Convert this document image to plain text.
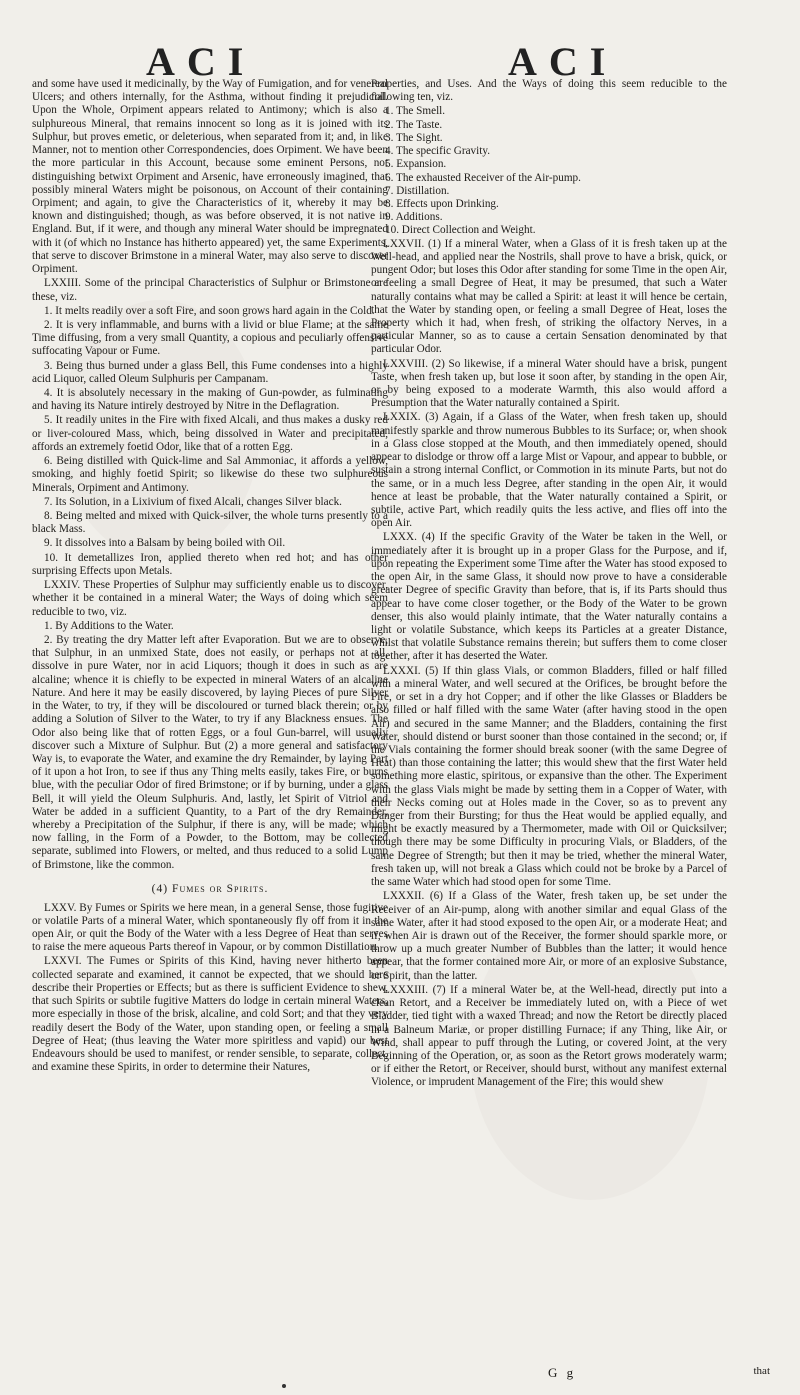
ACI	ACI

and some have used it medicinally, by the Way of Fumigation, and for venereal Ulcers; and others internally, for the Asthma, without finding it prejudicial. Upon the Whole, Orpiment appears related to Antimony; which is also a sulphureous Mineral, that remains innocent so long as it is joined with its Sulphur, but proves emetic, or deleterious, when separated from it; and, in like Manner, not to mention other Correspondencies, does Orpiment. We have been the more particular in this Account, because some eminent Persons, not distinguishing betwixt Orpiment and Arsenic, have erroneously imagined, that possibly mineral Waters might be poisonous, on Account of their containing Orpiment; and again, to give the Characteristics of it, whereby it may be known and distinguished; though, as was before observed, it is not native in England. But, if it were, and though any mineral Water should be impregnated with it (of which no Instance has hitherto appeared) yet, the same Experiments, that serve to discover Brimstone in a mineral Water, may also serve to discover Orpiment.

LXXIII. Some of the principal Characteristics of Sulphur or Brimstone are these, viz.

1. It melts readily over a soft Fire, and soon grows hard again in the Cold.

2. It is very inflammable, and burns with a livid or blue Flame; at the same Time diffusing, from a very small Quantity, a copious and peculiarly offensive suffocating Vapour or Fume.

3. Being thus burned under a glass Bell, this Fume condenses into a highly acid Liquor, called Oleum Sulphuris per Campanam.

4. It is absolutely necessary in the making of Gun-powder, as fulminating and having its Nature intirely destroyed by Nitre in the Deflagration.

5. It readily unites in the Fire with fixed Alcali, and thus makes a dusky red or liver-coloured Mass, which, being dissolved in Water and precipitated, affords an extremely foetid Odor, like that of a rotten Egg.

6. Being distilled with Quick-lime and Sal Ammoniac, it affords a yellow, smoking, and highly foetid Spirit; so likewise do these two sulphureous Minerals, Orpiment and Antimony.

7. Its Solution, in a Lixivium of fixed Alcali, changes Silver black.

8. Being melted and mixed with Quick-silver, the whole turns presently to a black Mass.

9. It dissolves into a Balsam by being boiled with Oil.

10. It demetallizes Iron, applied thereto when red hot; and has other surprising Effects upon Metals.

LXXIV. These Properties of Sulphur may sufficiently enable us to discover, whether it be contained in a mineral Water; the Ways of doing which seem reducible to two, viz.

1. By Additions to the Water.

2. By treating the dry Matter left after Evaporation. But we are to observe, that Sulphur, in an unmixed State, does not easily, or perhaps not at all, dissolve in pure Water, nor in acid Liquors; though it does in such as are alcaline; whence it is chiefly to be expected in mineral Waters of an alcaline Nature. And here it may be easily discovered, by laying Pieces of pure Silver in the Water, to try, if they will be discoloured or turned black therein; or by adding a Solution of Silver to the Water, to try if any Blackness ensues. The Odor also being like that of rotten Eggs, or a foul Gun-barrel, will usually discover such a Mixture of Sulphur. But (2) a more general and satisfactory Way is, to evaporate the Water, and examine the dry Remainder, by laying Part of it upon a hot Iron, to see if thus any Thing melts easily, takes Fire, or burns blue, with the peculiar Odor of fired Brimstone; or if by burning, under a glass Bell, it will yield the Oleum Sulphuris. And, lastly, let Spirit of Vitriol and Water be added in a sufficient Quantity, to a Part of the dry Remainder, whereby a Precipitation of the Sulphur, if there is any, will be made; which now falling, in the Form of a Powder, to the Bottom, may be collected separate, sublimed into Flowers, or melted, and thus reduced to a solid Lump of Brimstone, like the common.

(4) Fumes or Spirits.

LXXV. By Fumes or Spirits we here mean, in a general Sense, those fugitive or volatile Parts of a mineral Water, which spontaneously fly off from it in the open Air, or quit the Body of the Water with a less Degree of Heat than serves to raise the mere aqueous Parts thereof in Vapour, or by common Distillation.

LXXVI. The Fumes or Spirits of this Kind, having never hitherto been collected separate and examined, it cannot be expected, that we should here describe their Properties or Effects; but as there is sufficient Evidence to shew, that such Spirits or subtile fugitive Matters do lodge in certain mineral Waters, more especially in those of the brisk, alcaline, and cold Sort; and that they very readily desert the Body of the Water, upon standing open, or feeling a small Degree of Heat; (thus leaving the Water more spiritless and vapid) our best Endeavours should be used to manifest, or render sensible, to separate, collect, and examine these Spirits, in order to determine their Natures,

Properties, and Uses. And the Ways of doing this seem reducible to the following ten, viz.

1. The Smell.

2. The Taste.

3. The Sight.

4. The specific Gravity.

5. Expansion.

6. The exhausted Receiver of the Air-pump.

7. Distillation.

8. Effects upon Drinking.

9. Additions.

10. Direct Collection and Weight.

LXXVII. (1) If a mineral Water, when a Glass of it is fresh taken up at the Well-head, and applied near the Nostrils, shall prove to have a brisk, quick, or pungent Odor; but loses this Odor after standing for some Time in the open Air, or feeling a small Degree of Heat, it may be presumed, that such a Water naturally contains what may be called a Spirit: at least it will hence be certain, that the Water by standing open, or feeling a small Degree of Heat, loses the Property which it had, when fresh, of striking the olfactory Nerves, in a particular Manner, so as to cause a certain Sensation denominated by that particular Odor.

LXXVIII. (2) So likewise, if a mineral Water should have a brisk, pungent Taste, when fresh taken up, but lose it soon after, by standing in the open Air, or by being exposed to a moderate Warmth, this also would afford a Presumption that the Water naturally contained a Spirit.

LXXIX. (3) Again, if a Glass of the Water, when fresh taken up, should manifestly sparkle and throw numerous Bubbles to its Surface; or, when shook in a Glass close stopped at the Mouth, and then immediately opened, should appear to dislodge or throw off a large Mist or Vapour, and appear to bubble, or sustain a strong internal Conflict, or Commotion in its minute Parts, but not do the same, or in a much less Degree, after standing in the open Air, it would hence at least be probable, that the Water naturally contained a Spirit, or subtile, active Part, which readily quits the less active, and flies off into the open Air.

LXXX. (4) If the specific Gravity of the Water be taken in the Well, or immediately after it is brought up in a proper Glass for the Purpose, and if, upon repeating the Experiment some Time after the Water has stood exposed to the open Air, in the same Glass, it should now prove to have a considerable greater Degree of specific Gravity than before, that is, if its Parts should thus appear to have come closer together, or the Body of the Water to be grown denser, this also would plainly intimate, that the Water naturally contains a light or volatile Substance, which keeps its Particles at a greater Distance, whilst that volatile Substance remains therein; but suffers them to come closer together, after it has deserted the Water.

LXXXI. (5) If thin glass Vials, or common Bladders, filled or half filled with a mineral Water, and well secured at the Orifices, be brought before the Fire, or set in a dry hot Copper; and if other the like Glasses or Bladders be also filled or half filled with the same Water (after having stood in the open Air) and secured in the same Manner; and the Bladders, containing the first Water, should distend or burst sooner than those contained in the second; or, if the Vials containing the former should break sooner (with the same Degree of Heat) than those containing the latter; this would shew that the first Water held something more elastic, spiritous, or expansive than the other. The Experiment with the glass Vials might be made by setting them in a Copper of Water, with their Necks coming out at Holes made in the Cover, so as to prevent any Danger from their Bursting; for thus the Heat would be applied equally, and might be exactly measured by a Thermometer, made with Oil or Quicksilver; though there may be some Difficulty in procuring Vials, or Bladders, of the same Degree of Strength; but then it may be tried, whether the mineral Water, fresh taken up, will not break a Glass which could not be broke by a Parcel of the same Water which had stood open for some Time.

LXXXII. (6) If a Glass of the Water, fresh taken up, be set under the Receiver of an Air-pump, along with another similar and equal Glass of the same Water, after it had stood exposed to the open Air, or a moderate Heat; and if, when Air is drawn out of the Receiver, the former should sparkle more, or throw up a much greater Number of Bubbles than the latter; it would hence appear, that the former contained more Air, or more of an explosive Substance, or Spirit, than the latter.

LXXXIII. (7) If a mineral Water be, at the Well-head, directly put into a clean Retort, and a Receiver be immediately luted on, with a Piece of wet Bladder, tied tight with a waxed Thread; and now the Retort be directly placed in a Balneum Mariæ, or proper distilling Furnace; if any Thing, like Air, or Wind, shall appear to puff through the Luting, or covered Joint, at the very Beginning of the Operation, or, as soon as the Retort grows moderately warm; or if either the Retort, or Receiver, should burst, without any manifest external Violence, or imprudent Management of the Fire; this would shew

G g	that
